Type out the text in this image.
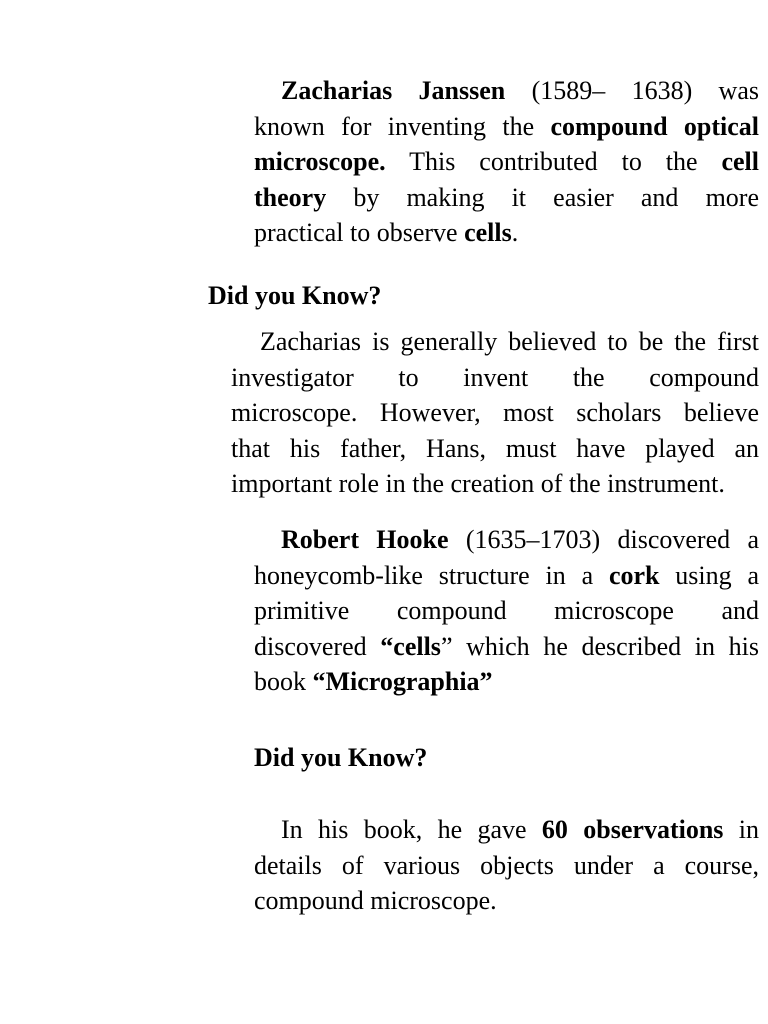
Zacharias Janssen (1589– 1638) was
known for inventing the compound optical
microscope. This contributed to the cell
theory by making it easier and more
practical to observe cells.
Did you Know?
Zacharias is generally believed to be the first
investigator to invent the compound
microscope. However, most scholars believe
that his father, Hans, must have played an
important role in the creation of the instrument.
Robert Hooke (1635–1703) discovered a
honeycomb-like structure in a cork using a
primitive compound microscope and
discovered “cells” which he described in his
book “Micrographia”
Did you Know?
In his book, he gave 60 observations in
details of various objects under a course,
compound microscope.
